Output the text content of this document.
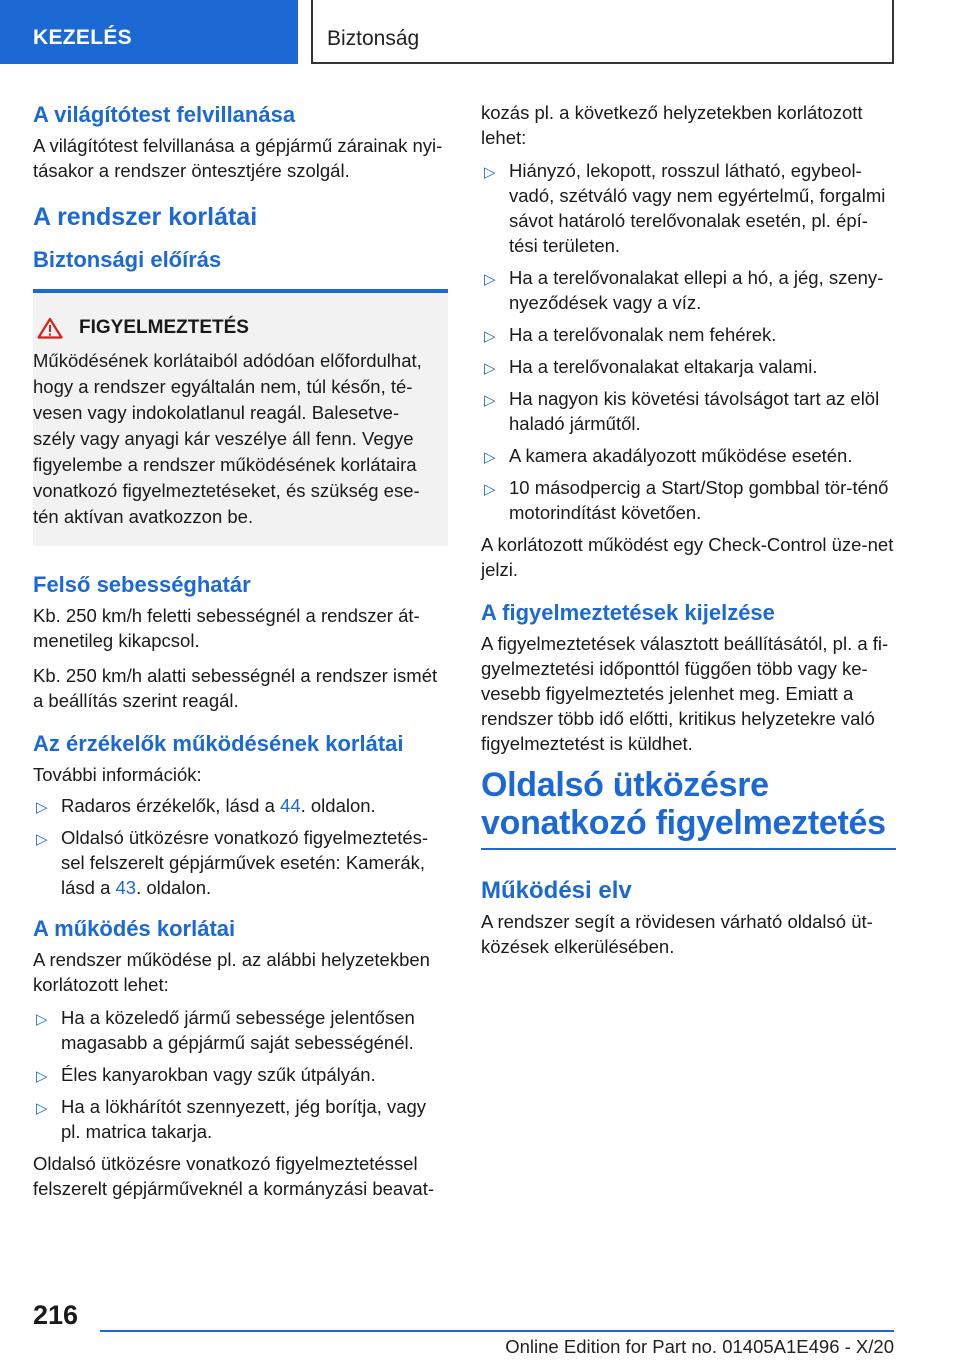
KEZELÉS	Biztonság
A világítótest felvillanása

A világítótest felvillanása a gépjármű zárainak nyi-tásakor a rendszer öntesztjére szolgál.

A rendszer korlátai
Biztonsági előírás
FIGYELMEZTETÉS

Működésének korlátaiból adódóan előfordulhat, hogy a rendszer egyáltalán nem, túl későn, té-vesen vagy indokolatlanul reagál. Balesetve-szély vagy anyagi kár veszélye áll fenn. Vegye figyelembe a rendszer működésének korlátaira vonatkozó figyelmeztetéseket, és szükség ese-tén aktívan avatkozzon be.

Felső sebességhatár

Kb. 250 km/h feletti sebességnél a rendszer át-menetileg kikapcsol.

Kb. 250 km/h alatti sebességnél a rendszer ismét a beállítás szerint reagál.

Az érzékelők működésének korlátai

További információk:

▷ Radaros érzékelők, lásd a 44. oldalon.
▷ Oldalsó ütközésre vonatkozó figyelmeztetés-sel felszerelt gépjárművek esetén: Kamerák, lásd a 43. oldalon.
A működés korlátai

A rendszer működése pl. az alábbi helyzetekben korlátozott lehet:

▷ Ha a közeledő jármű sebessége jelentősen magasabb a gépjármű saját sebességénél.
▷ Éles kanyarokban vagy szűk útpályán.
▷ Ha a lökhárítót szennyezett, jég borítja, vagy pl. matrica takarja.

Oldalsó ütközésre vonatkozó figyelmeztetéssel felszerelt gépjárműveknél a kormányzási beavat-

kozás pl. a következő helyzetekben korlátozott lehet:

▷ Hiányzó, lekopott, rosszul látható, egybeol-vadó, szétváló vagy nem egyértelmű, forgalmi sávot határoló terelővonalak esetén, pl. épí-tési területen.
▷ Ha a terelővonalakat ellepi a hó, a jég, szeny-nyeződések vagy a víz.
▷ Ha a terelővonalak nem fehérek.
▷ Ha a terelővonalakat eltakarja valami.
▷ Ha nagyon kis követési távolságot tart az elöl haladó járműtől.
▷ A kamera akadályozott működése esetén.
▷ 10 másodpercig a Start/Stop gombbal tör-ténő motorindítást követően.

A korlátozott működést egy Check-Control üze-net jelzi.

A figyelmeztetések kijelzése

A figyelmeztetések választott beállításától, pl. a fi-gyelmeztetési időponttól függően több vagy ke-vesebb figyelmeztetés jelenhet meg. Emiatt a rendszer több idő előtti, kritikus helyzetekre való figyelmeztetést is küldhet.

Oldalsó ütközésre vonatkozó figyelmeztetés
Működési elv

A rendszer segít a rövidesen várható oldalsó üt-közések elkerülésében.

216
Online Edition for Part no. 01405A1E496 - X/20
